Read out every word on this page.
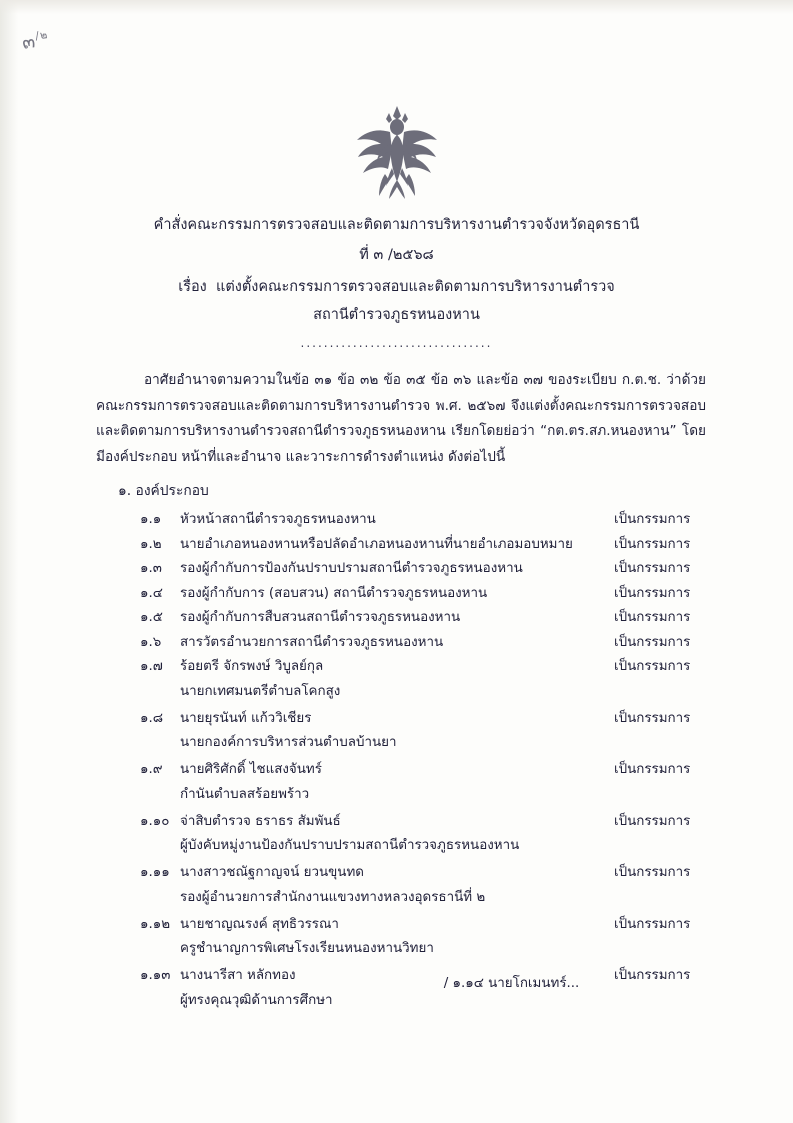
๓$^{/๒}$
คำสั่งคณะกรรมการตรวจสอบและติดตามการบริหารงานตำรวจจังหวัดอุดรธานี
ที่ ๓ /๒๕๖๘
เรื่อง แต่งตั้งคณะกรรมการตรวจสอบและติดตามการบริหารงานตำรวจ
สถานีตำรวจภูธรหนองหาน
.................................
อาศัยอำนาจตามความในข้อ ๓๑ ข้อ ๓๒ ข้อ ๓๕ ข้อ ๓๖ และข้อ ๓๗ ของระเบียบ ก.ต.ช. ว่าด้วยคณะกรรมการตรวจสอบและติดตามการบริหารงานตำรวจ พ.ศ. ๒๕๖๗ จึงแต่งตั้งคณะกรรมการตรวจสอบและติดตามการบริหารงานตำรวจสถานีตำรวจภูธรหนองหาน เรียกโดยย่อว่า “กต.ตร.สภ.หนองหาน” โดยมีองค์ประกอบ หน้าที่และอำนาจ และวาระการดำรงตำแหน่ง ดังต่อไปนี้
๑. องค์ประกอบ
๑.๑	หัวหน้าสถานีตำรวจภูธรหนองหาน	เป็นกรรมการ
๑.๒	นายอำเภอหนองหานหรือปลัดอำเภอหนองหานที่นายอำเภอมอบหมาย	เป็นกรรมการ
๑.๓	รองผู้กำกับการป้องกันปราบปรามสถานีตำรวจภูธรหนองหาน	เป็นกรรมการ
๑.๔	รองผู้กำกับการ (สอบสวน) สถานีตำรวจภูธรหนองหาน	เป็นกรรมการ
๑.๕	รองผู้กำกับการสืบสวนสถานีตำรวจภูธรหนองหาน	เป็นกรรมการ
๑.๖	สารวัตรอำนวยการสถานีตำรวจภูธรหนองหาน	เป็นกรรมการ
๑.๗	ร้อยตรี จักรพงษ์ วิบูลย์กุล	เป็นกรรมการ
นายกเทศมนตรีตำบลโคกสูง
๑.๘	นายยุรนันท์ แก้ววิเชียร	เป็นกรรมการ
นายกองค์การบริหารส่วนตำบลบ้านยา
๑.๙	นายศิริศักดิ์ ไชแสงจันทร์	เป็นกรรมการ
กำนันตำบลสร้อยพร้าว
๑.๑๐ จ่าสิบตำรวจ ธราธร สัมพันธ์	เป็นกรรมการ
ผู้บังคับหมู่งานป้องกันปราบปรามสถานีตำรวจภูธรหนองหาน
๑.๑๑ นางสาวชณัฐกาญจน์ ยวนขุนทด	เป็นกรรมการ
รองผู้อำนวยการสำนักงานแขวงทางหลวงอุดรธานีที่ ๒
๑.๑๒ นายชาญณรงค์ สุทธิวรรณา	เป็นกรรมการ
ครูชำนาญการพิเศษโรงเรียนหนองหานวิทยา
๑.๑๓ นางนารีสา หลักทอง	เป็นกรรมการ
ผู้ทรงคุณวุฒิด้านการศึกษา
/ ๑.๑๔ นายโกเมนทร์...
